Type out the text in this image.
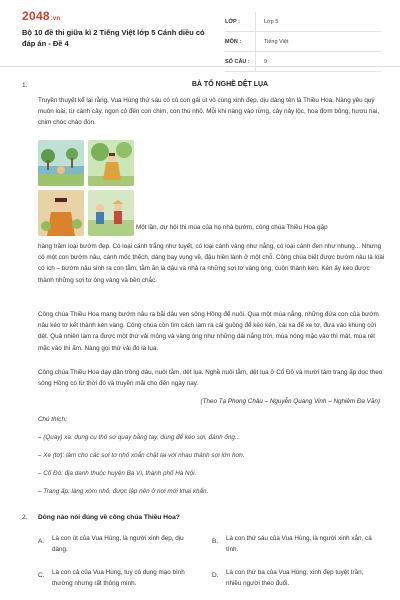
2048.vn
Bộ 10 đề thi giữa kì 2 Tiếng Việt lớp 5 Cánh diều có đáp án - Đề 4
LỚP :	Lớp 5
MÔN :	Tiếng Việt
SỐ CÂU :	9
1.	BÀ TỔ NGHỀ DỆT LỤA

Truyền thuyết kể lại rằng, Vua Hùng thứ sáu có cô con gái út vô cùng xinh đẹp, dịu dàng tên là Thiều Hoa. Nàng yêu quý muôn loài, từ cành cây, ngọn cỏ đến con chim, con thú nhỏ. Mỗi khi nàng vào rừng, cây nảy lộc, hoa đơm bông, hươu nai, chim chóc chào đón.

Một lần, dự hội thi múa của họ nhà bướm, công chúa Thiều Hoa gặp

hàng trăm loại bướm đẹp. Có loại cánh trắng như tuyết, có loại cánh vàng như nắng, có loại cánh đen như nhung... Nhưng có một con bướm nâu, cánh mốc thếch, dáng bay vụng về, đậu hiền lành ở một chỗ. Công chúa biết được bướm nâu là loài có ích – bướm nâu sinh ra con tằm, tằm ăn lá dâu và nhả ra những sợi tơ vàng óng, cuộn thành kén. Kén ấy kéo được thành những sợi tơ óng vàng và bền chắc.

Công chúa Thiều Hoa mang bướm nâu ra bãi dâu ven sông Hồng để nuôi. Qua một mùa nắng, những đứa con của bướm nâu kéo tơ kết thành kén vàng. Công chúa còn tìm cách làm ra cái guồng để kéo kén, cái xa để xe tơ, đưa vào khung cửi dệt. Quả nhiên làm ra được một thứ vải mỏng và vàng óng như những dải nắng trời, mùa nóng mặc vào thì mát, mùa rét mặc vào thì ấm. Nàng gọi thứ vải đó là lụa.

Công chúa Thiều Hoa dạy dân trồng dâu, nuôi tằm, dệt lụa. Nghề nuôi tằm, dệt lụa ở Cổ Đô và mười tám trang ấp dọc theo sông Hồng có từ thời đó và truyền mãi cho đến ngày nay.

(Theo Tạ Phong Châu – Nguyễn Quang Vinh – Nghiêm Đa Văn)
Chú thích:
– (Quay) xa: dụng cụ thô sơ quay bằng tay, dùng để kéo sợi, đánh ống...
– Xe (tơ): làm cho các sợi tơ nhỏ xoắn chặt lại với nhau thành sợi lớn hơn.
– Cổ Đô: địa danh thuộc huyện Ba Vì, thành phố Hà Nội.
– Trang ấp: làng xóm nhỏ, được lập nên ở nơi mới khai khẩn.
2. Dòng nào nói đúng về công chúa Thiều Hoa?
A.	Là con út của Vua Hùng, là người xinh đẹp, dịu dàng.
B.	Là con thứ sáu của Vua Hùng, là người xinh xắn, cá tính.
C.	Là con cả của Vua Hùng, tuy có dung mạo bình thường nhưng rất thông minh.
D.	Là con thứ ba của Vua Hùng, xinh đẹp tuyệt trần, nhiều người theo đuổi.
